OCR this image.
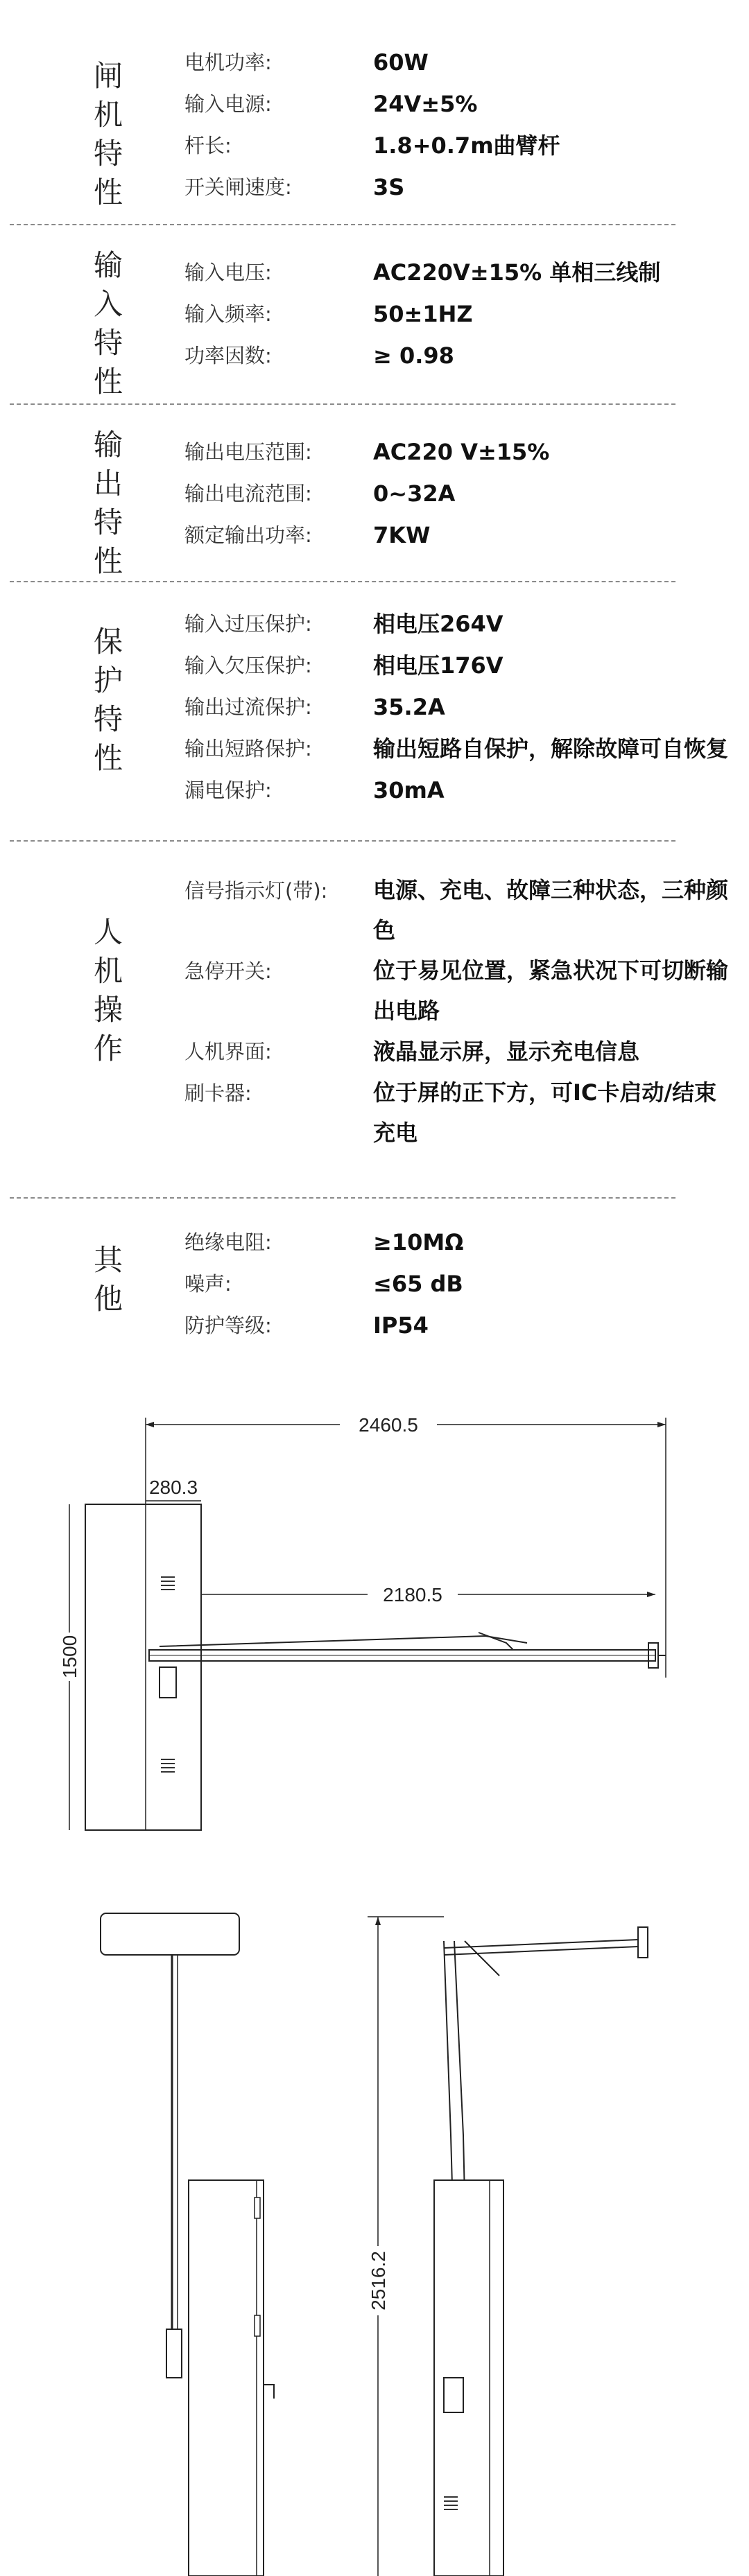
闸
机
特
性
电机功率:	60W
输入电源:	24V±5%
杆长:	1.8+0.7m曲臂杆
开关闸速度:	3S
输
入
特
性
输入电压:	AC220V±15% 单相三线制
输入频率:	50±1HZ
功率因数:	≥ 0.98
输
出
特
性
输出电压范围:	AC220 V±15%
输出电流范围:	0~32A
额定输出功率:	7KW
保
护
特
性
输入过压保护:	相电压264V
输入欠压保护:	相电压176V
输出过流保护:	35.2A
输出短路保护:	输出短路自保护，解除故障可自恢复
漏电保护:	30mA
人
机
操
作
信号指示灯(带): 电源、充电、故障三种状态，三种颜色
急停开关:	位于易见位置，紧急状况下可切断输出电路
人机界面:	液晶显示屏，显示充电信息
刷卡器:	位于屏的正下方，可IC卡启动/结束充电
其
他
绝缘电阻:	≥10MΩ
噪声:	≤65 dB
防护等级:	IP54
2460.5
280.3
1500
2180.5
2516.2
